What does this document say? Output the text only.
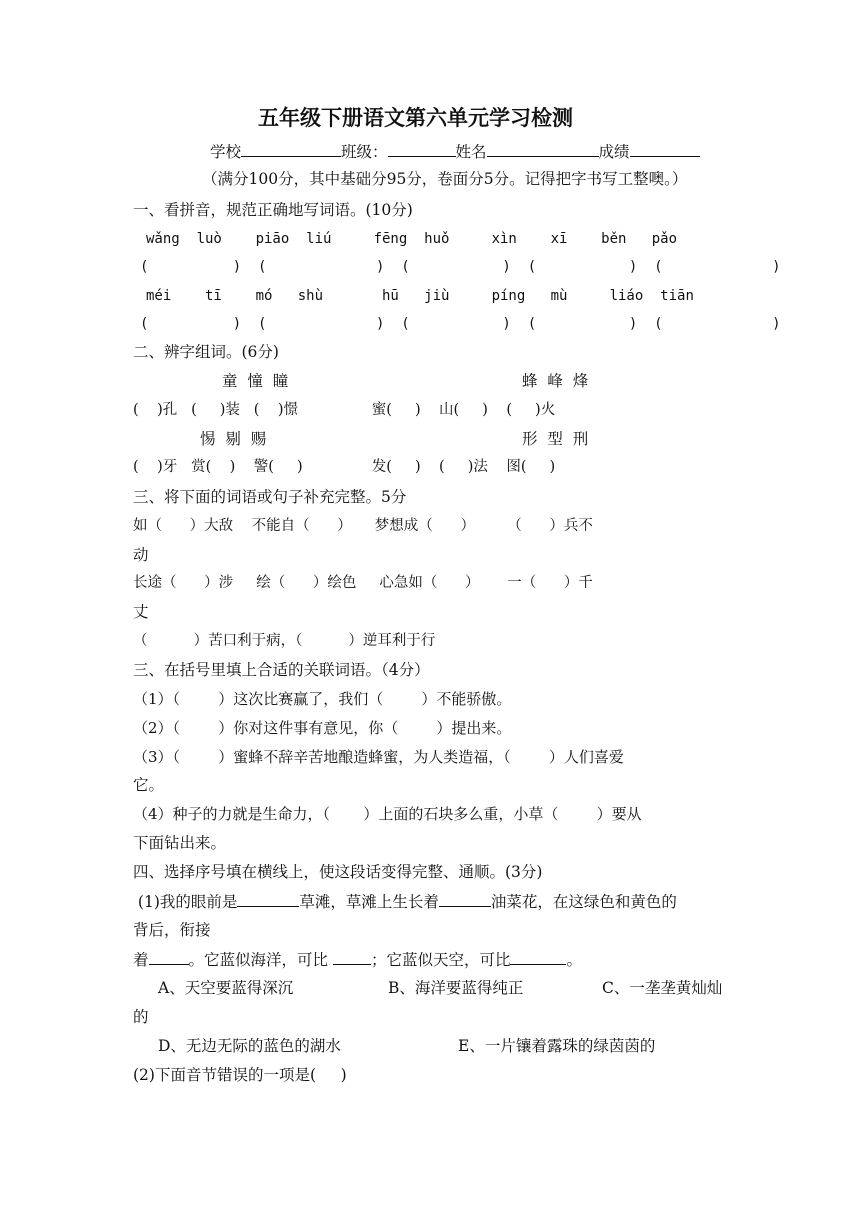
五年级下册语文第六单元学习检测
学校	班级：	姓名	成绩
（满分100分，其中基础分95分，卷面分5分。记得把字书写工整噢。）
一、看拼音，规范正确地写词语。(10分)
wǎng  luò    piāo  liú     fēng  huǒ     xìn    xī    běn   pǎo
(          )  (             )  (           )  (           )  (             )
méi    tī    mó   shù       hū   jiù     píng   mù     liáo  tiān
(          )  (             )  (           )  (           )  (             )
二、辨字组词。(6分)
童  憧  瞳	蜂  峰  烽
(    )孔   (     )装   (    )憬                蜜(     )    山(     )    (     )火
惕  剔  赐	形  型  刑
(    )牙   赏(    )    警(     )               发(     )    (     )法    图(     )
三、将下面的词语或句子补充完整。5分
如（      ）大敌    不能自（      ）     梦想成（      ）       （      ）兵不
动
长途（      ）涉     绘（      ）绘色     心急如（      ）      一（      ）千
丈
（          ）苦口利于病，（          ）逆耳利于行
三、在括号里填上合适的关联词语。（4分）
（1）（        ）这次比赛赢了，我们（        ）不能骄傲。
（2）（        ）你对这件事有意见，你（        ）提出来。
（3）（        ）蜜蜂不辞辛苦地酿造蜂蜜，为人类造福，（        ）人们喜爱
它。
（4）种子的力就是生命力，（       ）上面的石块多么重，小草（        ）要从
下面钻出来。
四、选择序号填在横线上，使这段话变得完整、通顺。(3分)
(1)我的眼前是	草滩，草滩上生长着	油菜花，在这绿色和黄色的
背后，衔接
着	。它蓝似海洋，可比 ；它蓝似天空，可比	。
A、天空要蓝得深沉	B、海洋要蓝得纯正	C、一垄垄黄灿灿
的
D、无边无际的蓝色的湖水	E、一片镶着露珠的绿茵茵的
(2)下面音节错误的一项是(     )
